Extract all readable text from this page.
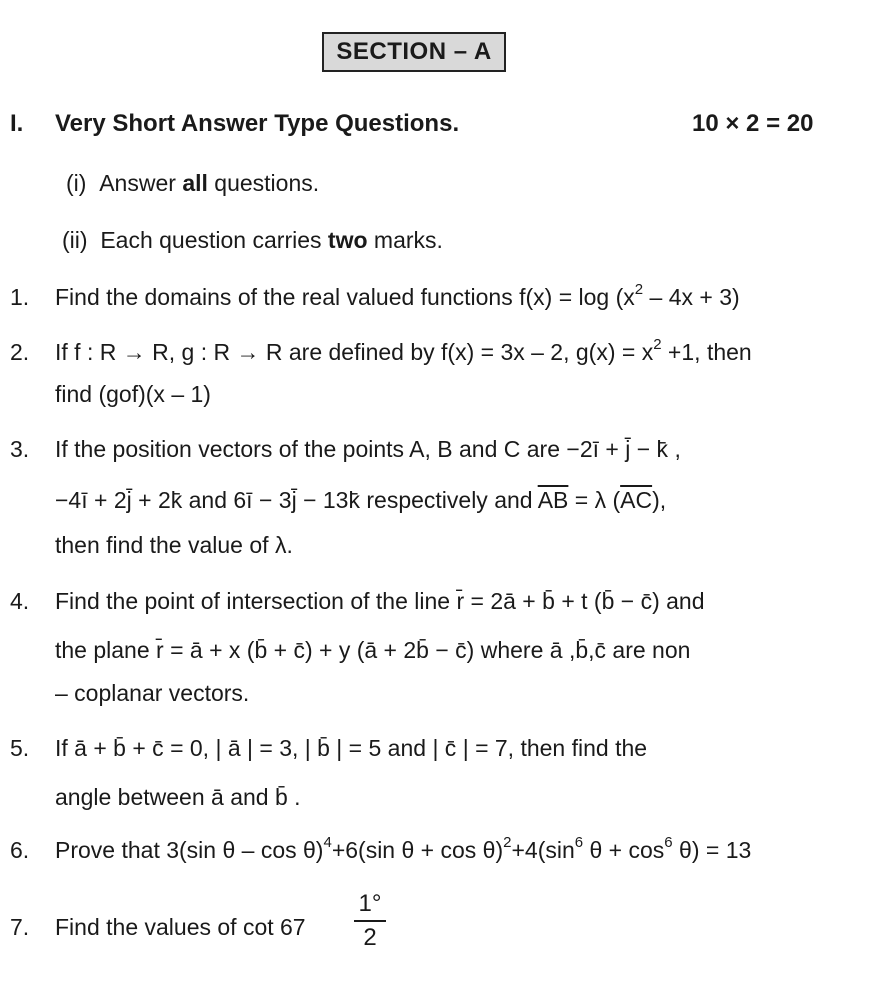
SECTION – A
I. Very Short Answer Type Questions.	10 × 2 = 20
(i) Answer all questions.
(ii) Each question carries two marks.
1. Find the domains of the real valued functions $f(x) = \log (x^2 - 4x + 3)$
2. If f : R → R, g : R → R are defined by f(x) = 3x – 2, $g(x) = x^2 +1$, then
find (gof)(x – 1)
3. If the position vectors of the points A, B and C are −2ī + j̄ − k̄ ,
−4ī + 2j̄ + 2k̄ and 6ī − 3j̄ − 13k̄ respectively and $\overline{AB} = \lambda$ $(\overline{AC})$,
then find the value of λ.
4. Find the point of intersection of the line r̄ = 2ā + b̄ + t (b̄ − c̄) and
the plane r̄ = ā + x (b̄ + c̄) + y (ā + 2b̄ − c̄) where ā ,b̄,c̄ are non
– coplanar vectors.
5. If ā + b̄ + c̄ = 0, | ā | = 3, | b̄ | = 5 and | c̄ | = 7, then find the
angle between ā and b̄ .
6. Prove that 3(sin θ – cos θ)$^4$+6(sin $\theta + \cos \theta)^2+4(\sin^6$ $\theta + \cos^6 \theta) = 13$
7. Find the values of cot 67
1°
2
